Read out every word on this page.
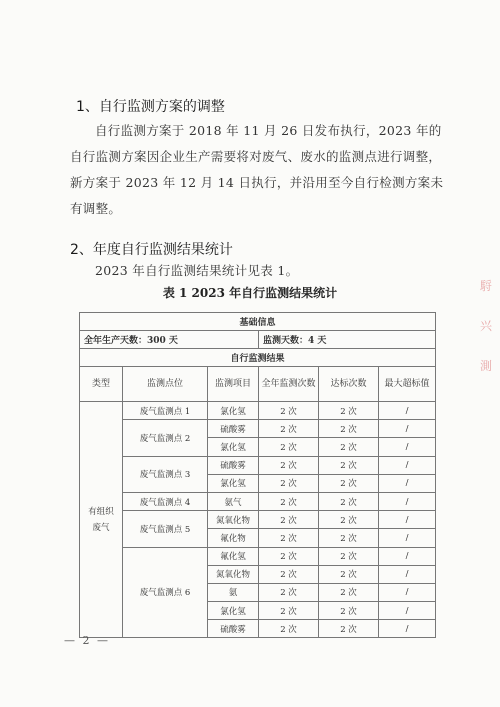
1、自行监测方案的调整
自行监测方案于 2018 年 11 月 26 日发布执行，2023 年的自行监测方案因企业生产需要将对废气、废水的监测点进行调整，新方案于 2023 年 12 月 14 日执行，并沿用至今自行检测方案未有调整。
2、年度自行监测结果统计
2023 年自行监测结果统计见表 1。
表 1 2023 年自行监测结果统计
基础信息					
全年生产天数：300 天			监测天数：4 天		
自行监测结果					
类型	监测点位	监测项目	全年监测次数	达标次数	最大超标值
有组织废气	废气监测点 1	氯化氢	2 次	2 次	/
	废气监测点 2	硫酸雾	2 次	2 次	/
		氯化氢	2 次	2 次	/
	废气监测点 3	硫酸雾	2 次	2 次	/
		氯化氢	2 次	2 次	/
	废气监测点 4	氨气	2 次	2 次	/
	废气监测点 5	氮氧化物	2 次	2 次	/
		氟化物	2 次	2 次	/
	废气监测点 6	氟化氢	2 次	2 次	/
		氮氧化物	2 次	2 次	/
		氨	2 次	2 次	/
		氯化氢	2 次	2 次	/
		硫酸雾	2 次	2 次	/
䮑 兴 測
— 2 —
